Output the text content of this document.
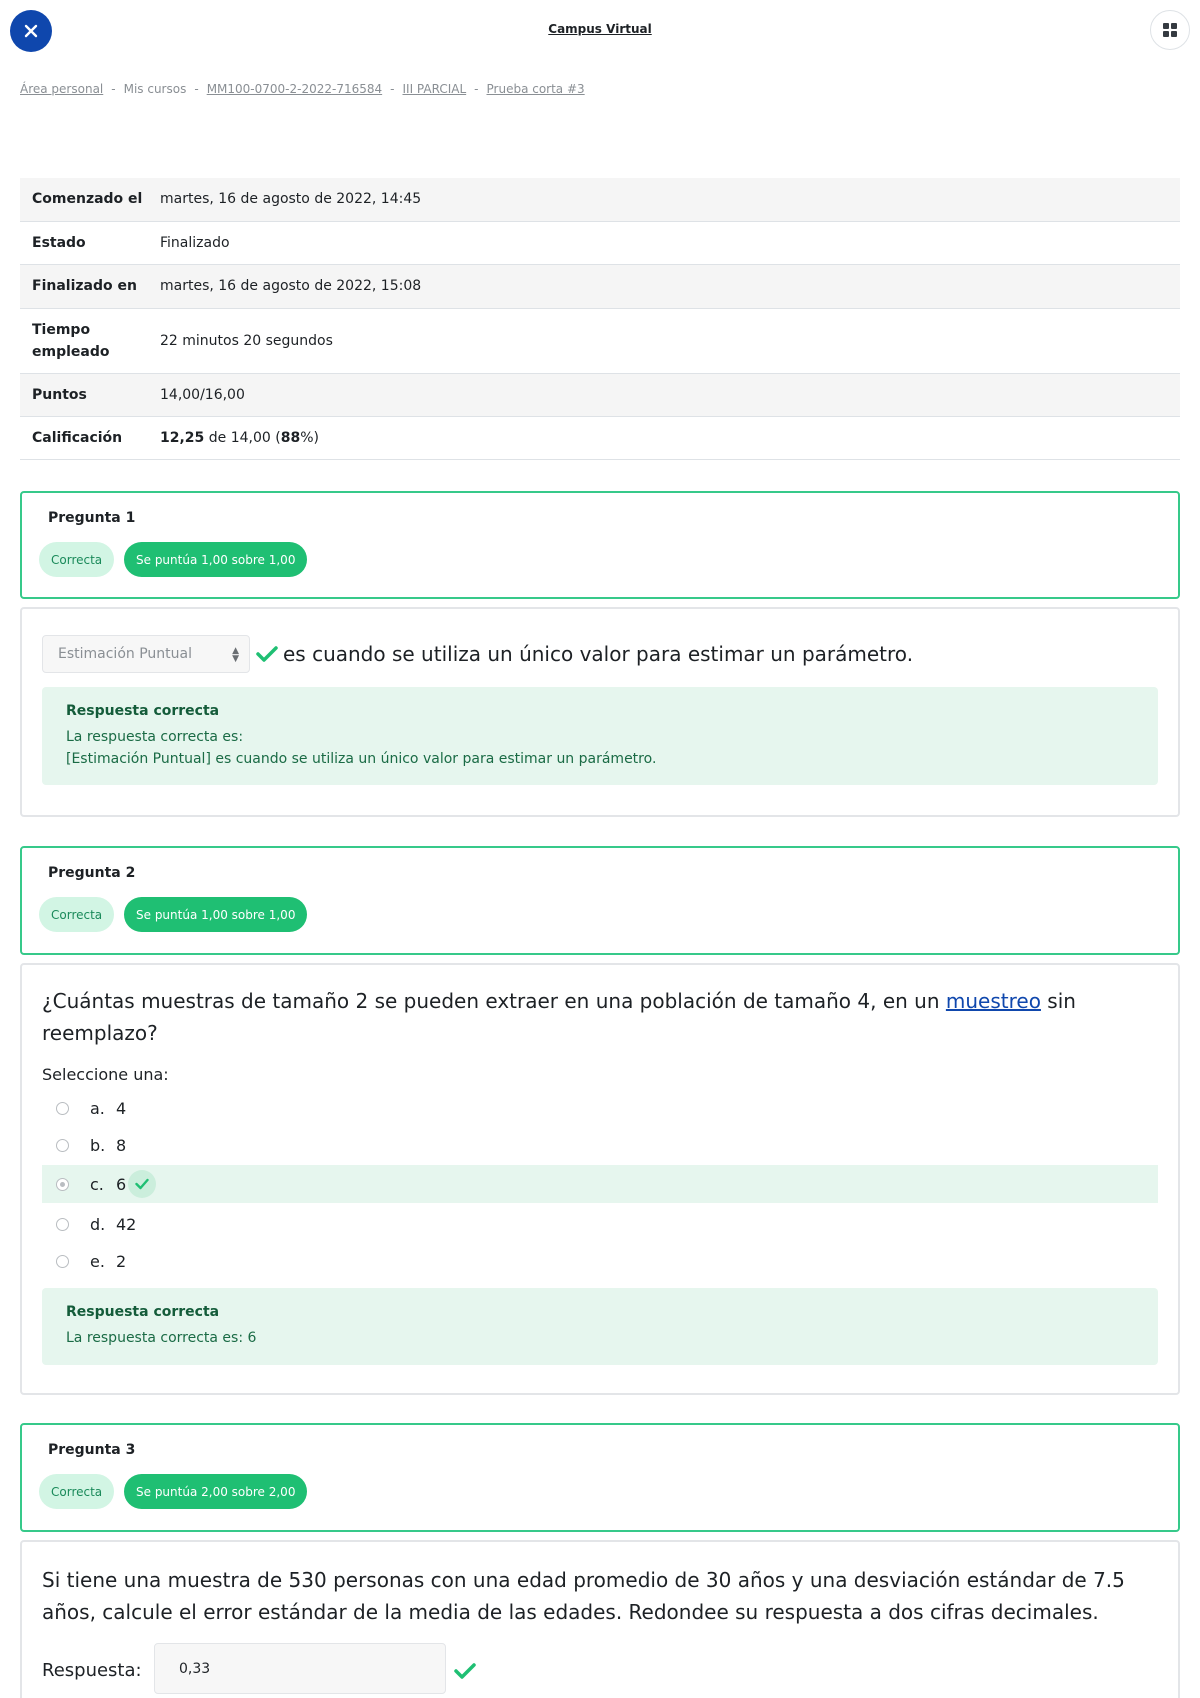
Campus Virtual
Área personal - Mis cursos - MM100-0700-2-2022-716584 - III PARCIAL - Prueba corta #3
Comenzado el	martes, 16 de agosto de 2022, 14:45
Estado	Finalizado
Finalizado en	martes, 16 de agosto de 2022, 15:08
Tiempo empleado	22 minutos 20 segundos
Puntos	14,00/16,00
Calificación	12,25 de 14,00 (88%)
Pregunta 1
Correcta	Se puntúa 1,00 sobre 1,00
Estimación Puntual	▲
▼ es cuando se utiliza un único valor para estimar un parámetro.
Respuesta correcta
La respuesta correcta es:
[Estimación Puntual] es cuando se utiliza un único valor para estimar un parámetro.
Pregunta 2
Correcta	Se puntúa 1,00 sobre 1,00
¿Cuántas muestras de tamaño 2 se pueden extraer en una población de tamaño 4, en un muestreo sin reemplazo?
Seleccione una:
a. 4
b. 8
c. 6
d. 42
e. 2
Respuesta correcta
La respuesta correcta es: 6
Pregunta 3
Correcta	Se puntúa 2,00 sobre 2,00
Si tiene una muestra de 530 personas con una edad promedio de 30 años y una desviación estándar de 7.5 años, calcule el error estándar de la media de las edades. Redondee su respuesta a dos cifras decimales.
Respuesta:	0,33
